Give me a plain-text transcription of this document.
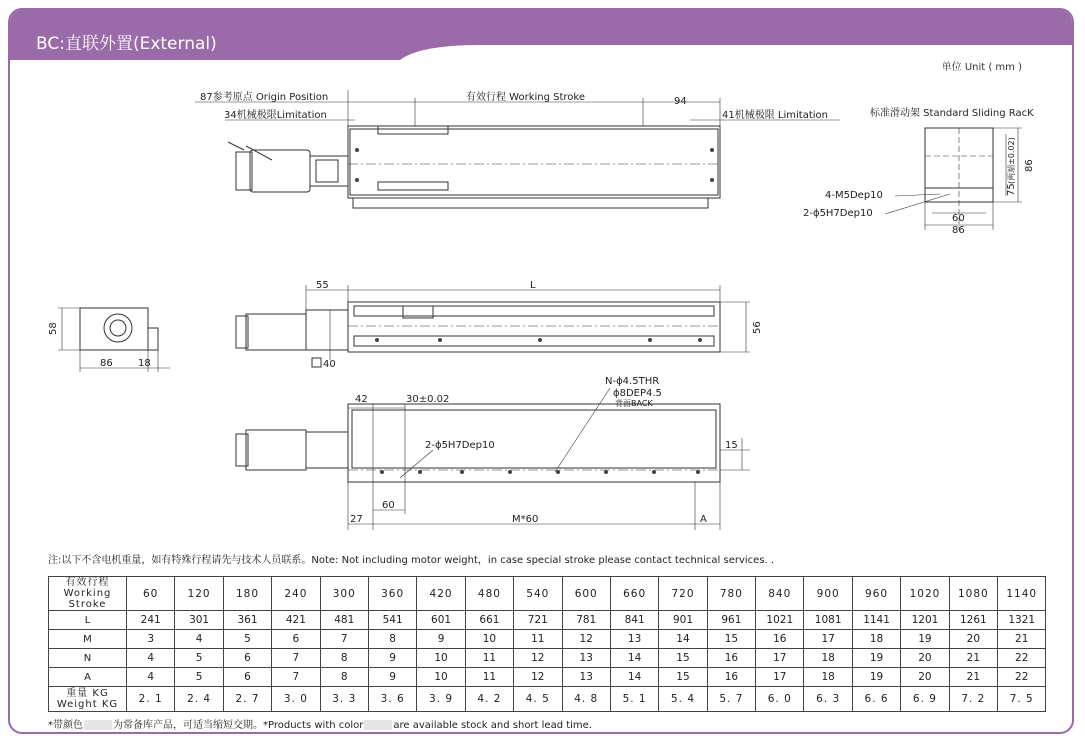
BC:直联外置(External)
单位 Unit ( mm )
87参考原点 Origin Position
34机械极限Limitation
有效行程 Working Stroke	94
41机械极限 Limitation	标准滑动架 Standard Sliding RacK
4-M5Dep10
2-ϕ5H7Dep10	60
86
86
75
(两端±0.02)
55	L
56
40
58
86	18
42	30±0.02
N-ϕ4.5THR
ϕ8DEP4.5
背面BACK
2-ϕ5H7Dep10	15
60
27	M*60	A
注:以下不含电机重量，如有特殊行程请先与技术人员联系。Note: Not including motor weight，in case special stroke please contact technical services. .
有效行程
Working Stroke	60	120	180	240	300	360	420	480	540	600	660	720	780	840	900	960	1020	1080	1140

L	241	301	361	421	481	541	601	661	721	781	841	901	961	1021	1081	1141	1201	1261	1321

M	3	4	5	6	7	8	9	10	11	12	13	14	15	16	17	18	19	20	21

N	4	5	6	7	8	9	10	11	12	13	14	15	16	17	18	19	20	21	22

A	4	5	6	7	8	9	10	11	12	13	14	15	16	17	18	19	20	21	22

重量 KG
Weight KG	2. 1	2. 4	2. 7	3. 0	3. 3	3. 6	3. 9	4. 2	4. 5	4. 8	5. 1	5. 4	5. 7	6. 0	6. 3	6. 6	6. 9	7. 2	7. 5
*带颜色	为常备库产品，可适当缩短交期。*Products with color	are available stock and short lead time.
